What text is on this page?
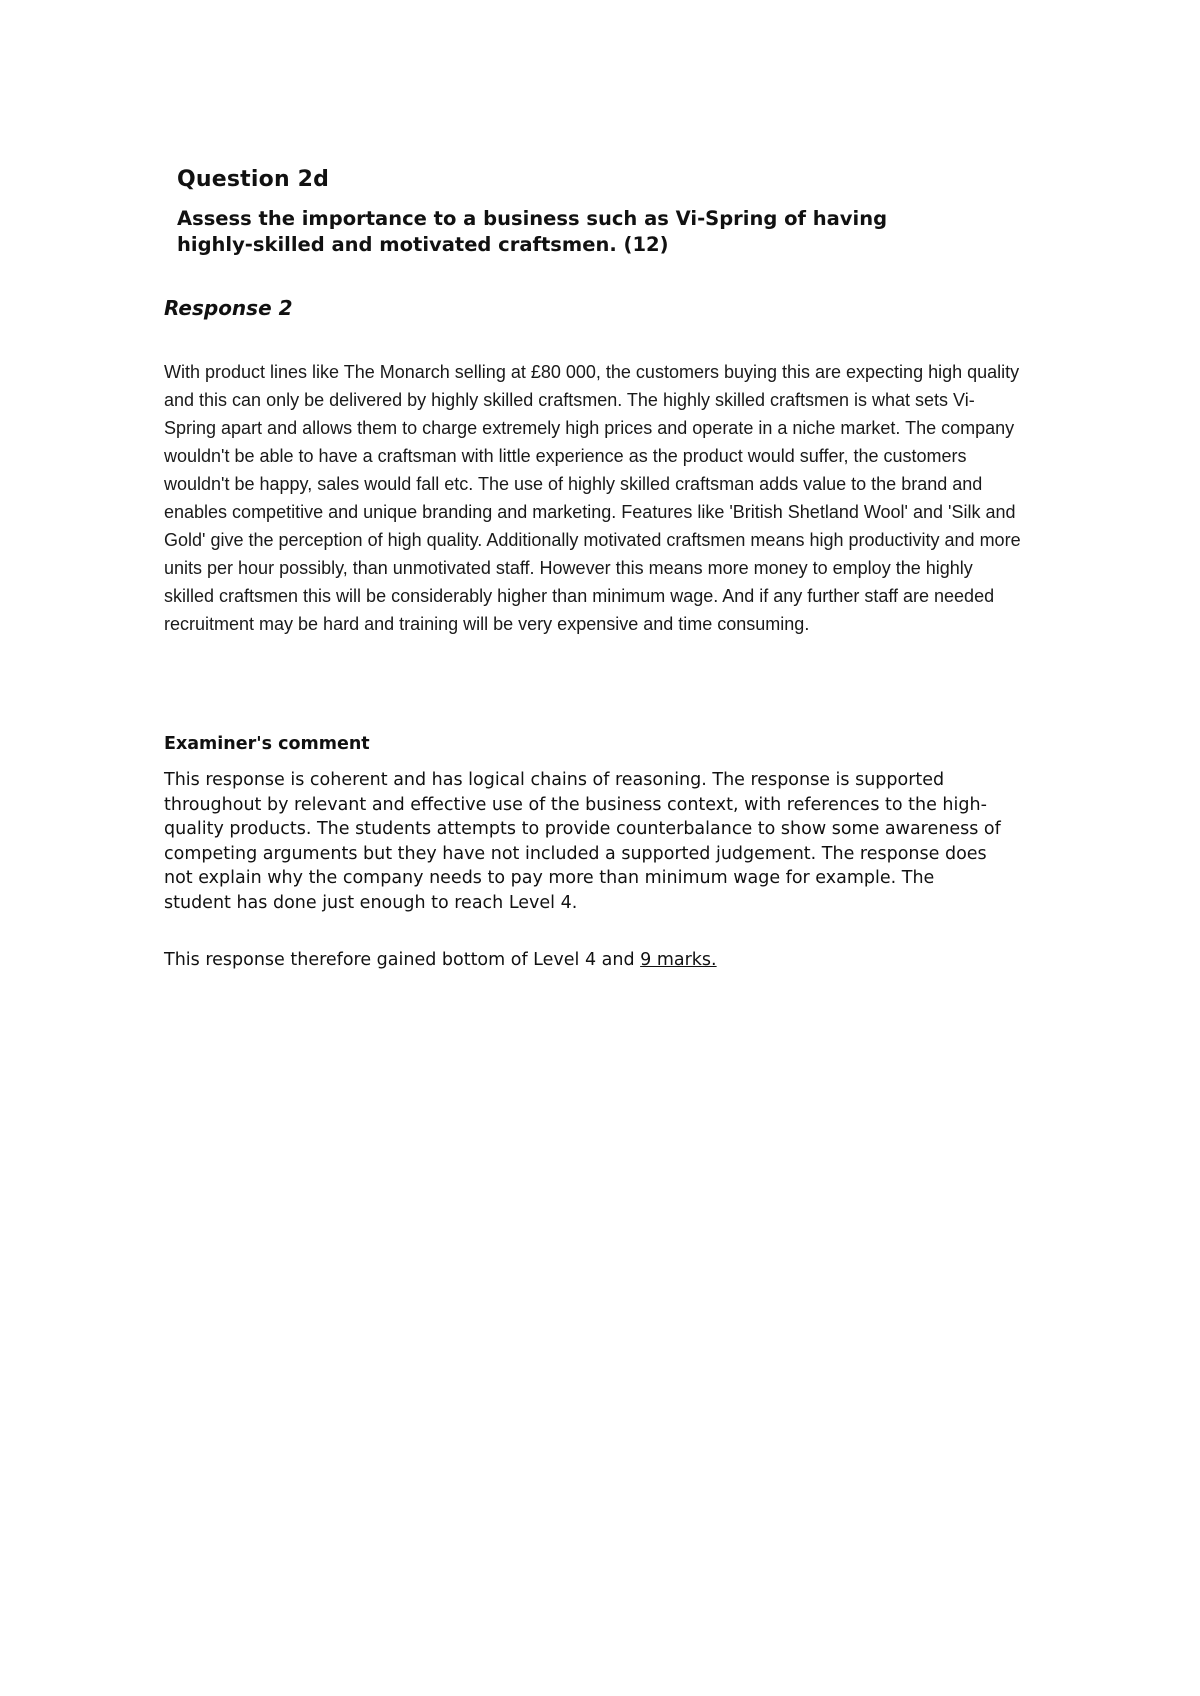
Question 2d

Assess the importance to a business such as Vi-Spring of having highly-skilled and motivated craftsmen. (12)

Response 2

With product lines like The Monarch selling at £80 000, the customers buying this are expecting high quality and this can only be delivered by highly skilled craftsmen. The highly skilled craftsmen is what sets Vi-Spring apart and allows them to charge extremely high prices and operate in a niche market. The company wouldn't be able to have a craftsman with little experience as the product would suffer, the customers wouldn't be happy, sales would fall etc. The use of highly skilled craftsman adds value to the brand and enables competitive and unique branding and marketing. Features like 'British Shetland Wool' and 'Silk and Gold' give the perception of high quality. Additionally motivated craftsmen means high productivity and more units per hour possibly, than unmotivated staff. However this means more money to employ the highly skilled craftsmen this will be considerably higher than minimum wage. And if any further staff are needed recruitment may be hard and training will be very expensive and time consuming.

Examiner's comment

This response is coherent and has logical chains of reasoning. The response is supported throughout by relevant and effective use of the business context, with references to the high-quality products. The students attempts to provide counterbalance to show some awareness of competing arguments but they have not included a supported judgement. The response does not explain why the company needs to pay more than minimum wage for example. The student has done just enough to reach Level 4.

This response therefore gained bottom of Level 4 and 9 marks.
